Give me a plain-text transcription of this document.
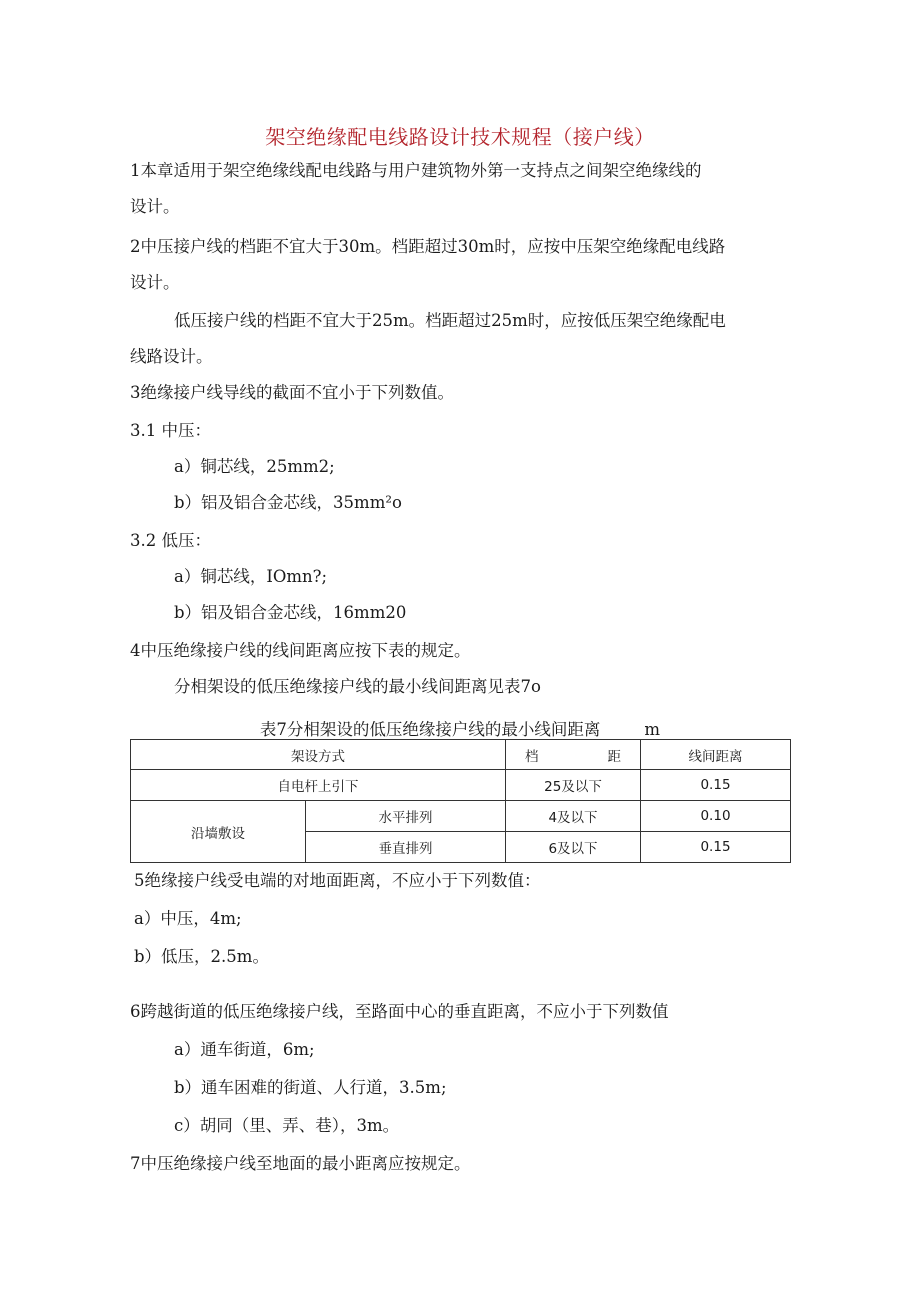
架空绝缘配电线路设计技术规程（接户线）
1本章适用于架空绝缘线配电线路与用户建筑物外第一支持点之间架空绝缘线的
设计。
2中压接户线的档距不宜大于30m。档距超过30m时，应按中压架空绝缘配电线路
设计。
低压接户线的档距不宜大于25m。档距超过25m时，应按低压架空绝缘配电
线路设计。
3绝缘接户线导线的截面不宜小于下列数值。
3.1 中压：
a）铜芯线，25mm2;
b）铝及铝合金芯线，35mm²o
3.2 低压：
a）铜芯线，IOmn?;
b）铝及铝合金芯线，16mm20
4中压绝缘接户线的线间距离应按下表的规定。
分相架设的低压绝缘接户线的最小线间距离见表7o
表7分相架设的低压绝缘接户线的最小线间距离	m
架设方式		档距	线间距离
自电杆上引下		25及以下	0.15
沿墙敷设	水平排列	4及以下	0.10
	垂直排列	6及以下	0.15
5绝缘接户线受电端的对地面距离，不应小于下列数值：
a）中压，4m;
b）低压，2.5m。
6跨越街道的低压绝缘接户线，至路面中心的垂直距离，不应小于下列数值
a）通车街道，6m;
b）通车困难的街道、人行道，3.5m;
c）胡同（里、弄、巷），3m。
7中压绝缘接户线至地面的最小距离应按规定。
